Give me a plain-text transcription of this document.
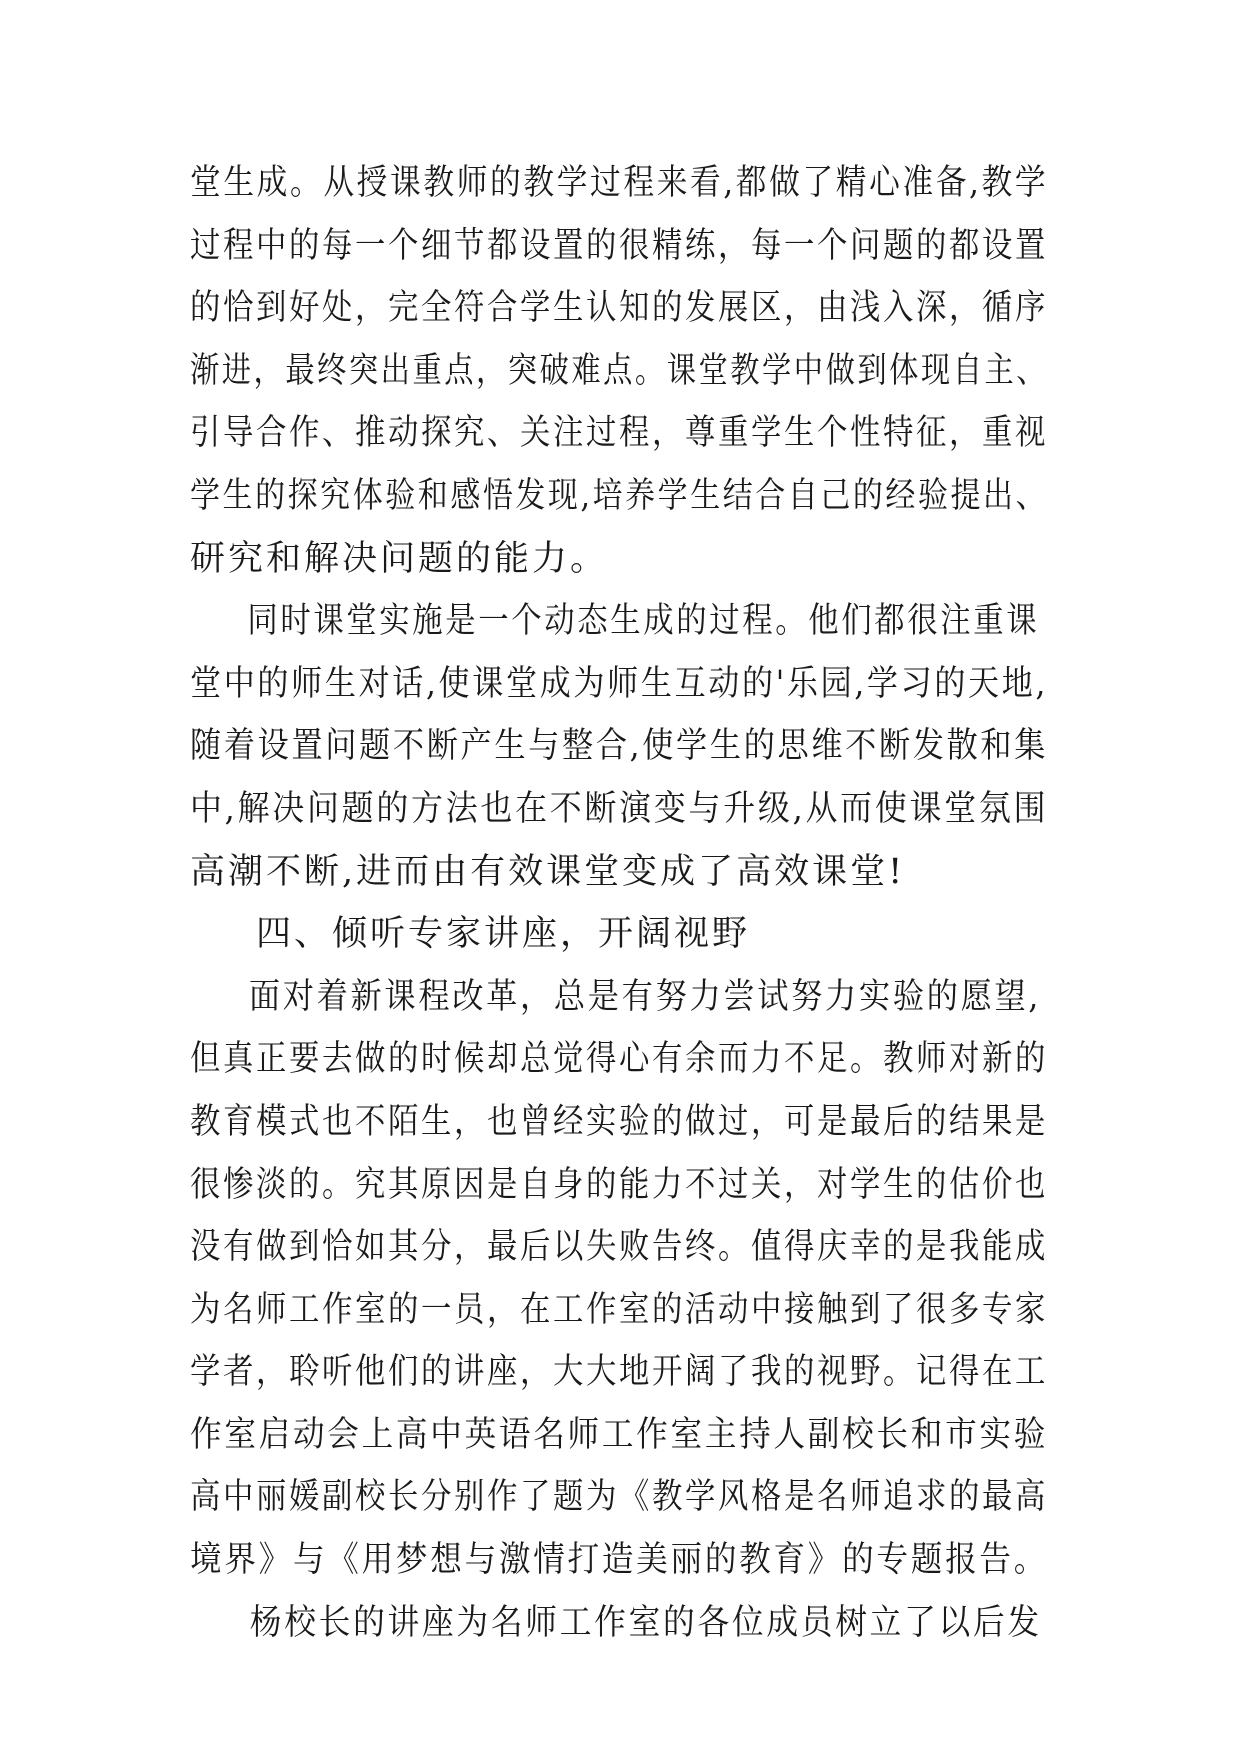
堂生成。从授课教师的教学过程来看,都做了精心准备,教学
过程中的每一个细节都设置的很精练，每一个问题的都设置
的恰到好处，完全符合学生认知的发展区，由浅入深，循序
渐进，最终突出重点，突破难点。课堂教学中做到体现自主、
引导合作、推动探究、关注过程，尊重学生个性特征，重视
学生的探究体验和感悟发现,培养学生结合自己的经验提出、
研究和解决问题的能力。
同时课堂实施是一个动态生成的过程。他们都很注重课
堂中的师生对话,使课堂成为师生互动的'乐园,学习的天地,
随着设置问题不断产生与整合,使学生的思维不断发散和集
中,解决问题的方法也在不断演变与升级,从而使课堂氛围
高潮不断,进而由有效课堂变成了高效课堂!
四、倾听专家讲座，开阔视野
面对着新课程改革，总是有努力尝试努力实验的愿望,
但真正要去做的时候却总觉得心有余而力不足。教师对新的
教育模式也不陌生，也曾经实验的做过，可是最后的结果是
很惨淡的。究其原因是自身的能力不过关，对学生的估价也
没有做到恰如其分，最后以失败告终。值得庆幸的是我能成
为名师工作室的一员，在工作室的活动中接触到了很多专家
学者，聆听他们的讲座，大大地开阔了我的视野。记得在工
作室启动会上高中英语名师工作室主持人副校长和市实验
高中丽媛副校长分别作了题为《教学风格是名师追求的最高
境界》与《用梦想与激情打造美丽的教育》的专题报告。
杨校长的讲座为名师工作室的各位成员树立了以后发
